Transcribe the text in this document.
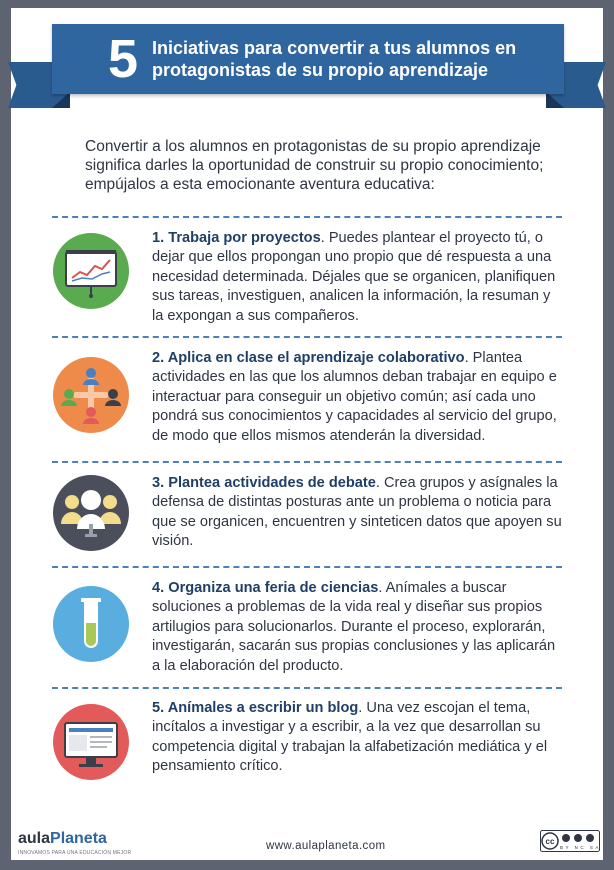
5 Iniciativas para convertir a tus alumnos en protagonistas de su propio aprendizaje
Convertir a los alumnos en protagonistas de su propio aprendizaje significa darles la oportunidad de construir su propio conocimiento; empújalos a esta emocionante aventura educativa:
1. Trabaja por proyectos. Puedes plantear el proyecto tú, o dejar que ellos propongan uno propio que dé respuesta a una necesidad determinada. Déjales que se organicen, planifiquen sus tareas, investiguen, analicen la información, la resuman y la expongan a sus compañeros.
2. Aplica en clase el aprendizaje colaborativo. Plantea actividades en las que los alumnos deban trabajar en equipo e interactuar para conseguir un objetivo común; así cada uno pondrá sus conocimientos y capacidades al servicio del grupo, de modo que ellos mismos atenderán la diversidad.
3. Plantea actividades de debate. Crea grupos y asígnales la defensa de distintas posturas ante un problema o noticia para que se organicen, encuentren y sinteticen datos que apoyen su visión.
4. Organiza una feria de ciencias. Anímales a buscar soluciones a problemas de la vida real y diseñar sus propios artilugios para solucionarlos. Durante el proceso, explorarán, investigarán, sacarán sus propias conclusiones y las aplicarán a la elaboración del producto.
5. Anímales a escribir un blog. Una vez escojan el tema, incítalos a investigar y a escribir, a la vez que desarrollan su competencia digital y trabajan la alfabetización mediática y el pensamiento crítico.
aulaPlaneta
INNOVAMOS PARA UNA EDUCACIÓN MEJOR
www.aulaplaneta.com	cc
BY NC SA
